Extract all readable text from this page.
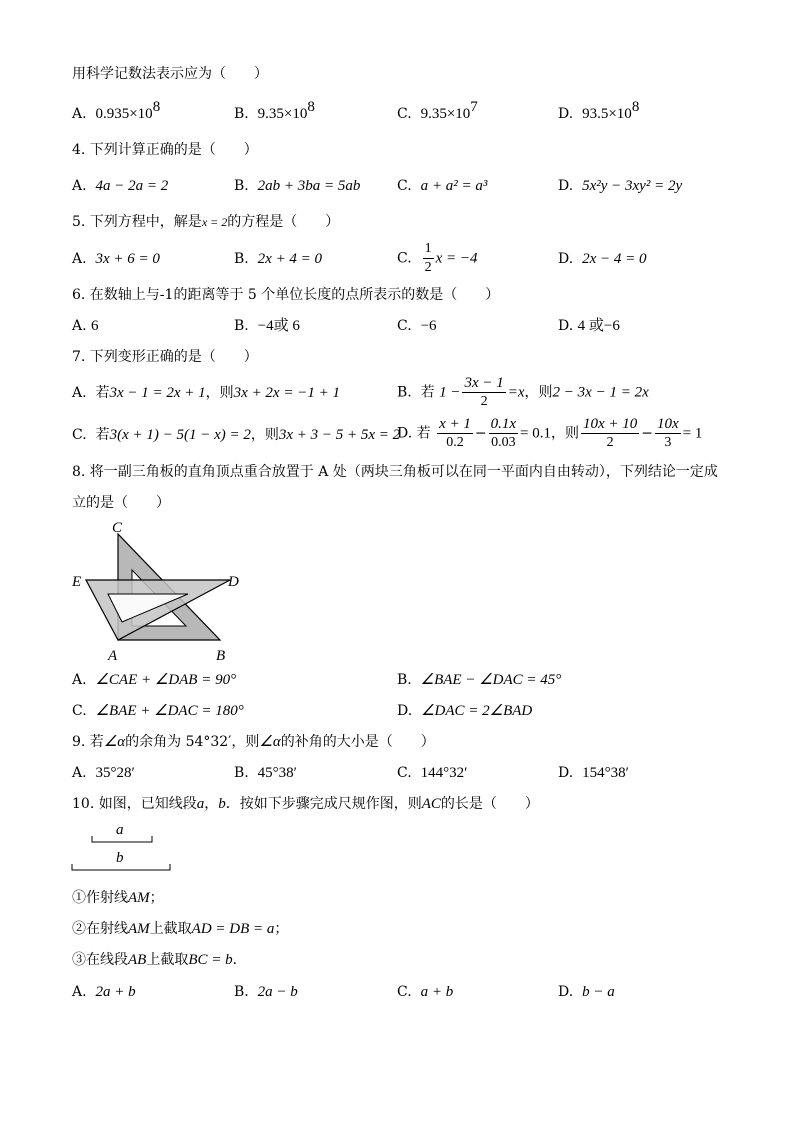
用科学记数法表示应为（　　）
A. $0.935\times 10^8$	B. $9.35\times 10^8$	C. $9.35\times 10^7$	D. $93.5\times 10^8$
4. 下列计算正确的是（　　）
A. 4a − 2a = 2	B. 2ab + 3ba = 5ab	C. a + a² = a³	D. 5x²y − 3xy² = 2y
5. 下列方程中，解是x = 2的方程是（　　）
A. 3x + 6 = 0	B. 2x + 4 = 0	C. $\frac{1}{2}$ x = −4	D. 2x − 4 = 0
6. 在数轴上与-1的距离等于 5 个单位长度的点所表示的数是（　　）
A. 6	B. −4或 6	C. −6	D. 4 或−6
7. 下列变形正确的是（　　）
A. 若3x − 1 = 2x + 1，则3x + 2x = −1 + 1	B. 若 $1 - \frac{3x - 1}{2} =x$，则2 − 3x − 1 = 2x
C. 若3(x + 1) − 5(1 − x) = 2，则3x + 3 − 5 + 5x = 2
D. 若 $\frac{x + 1}{0.2} - \frac{0.1x}{0.03} = 0.1$，则 $\frac{10x + 10}{2} - \frac{10x}{3} = 1$
8. 将一副三角板的直角顶点重合放置于 A 处（两块三角板可以在同一平面内自由转动），下列结论一定成
立的是（　　）
C
E	D
A	B
A. ∠CAE + ∠DAB = 90°	B. ∠BAE − ∠DAC = 45°
C. ∠BAE + ∠DAC = 180°	D. ∠DAC = 2∠BAD
9. 若∠α的余角为 54°32′，则∠α的补角的大小是（　　）
A. 35°28′	B. 45°38′	C. 144°32′	D. 154°38′
10. 如图，已知线段a，b．按如下步骤完成尺规作图，则AC的长是（　　）
a
b
①作射线AM；
②在射线AM上截取AD = DB = a；
③在线段AB上截取BC = b．
A. 2a + b	B. 2a − b	C. a + b	D. b − a
